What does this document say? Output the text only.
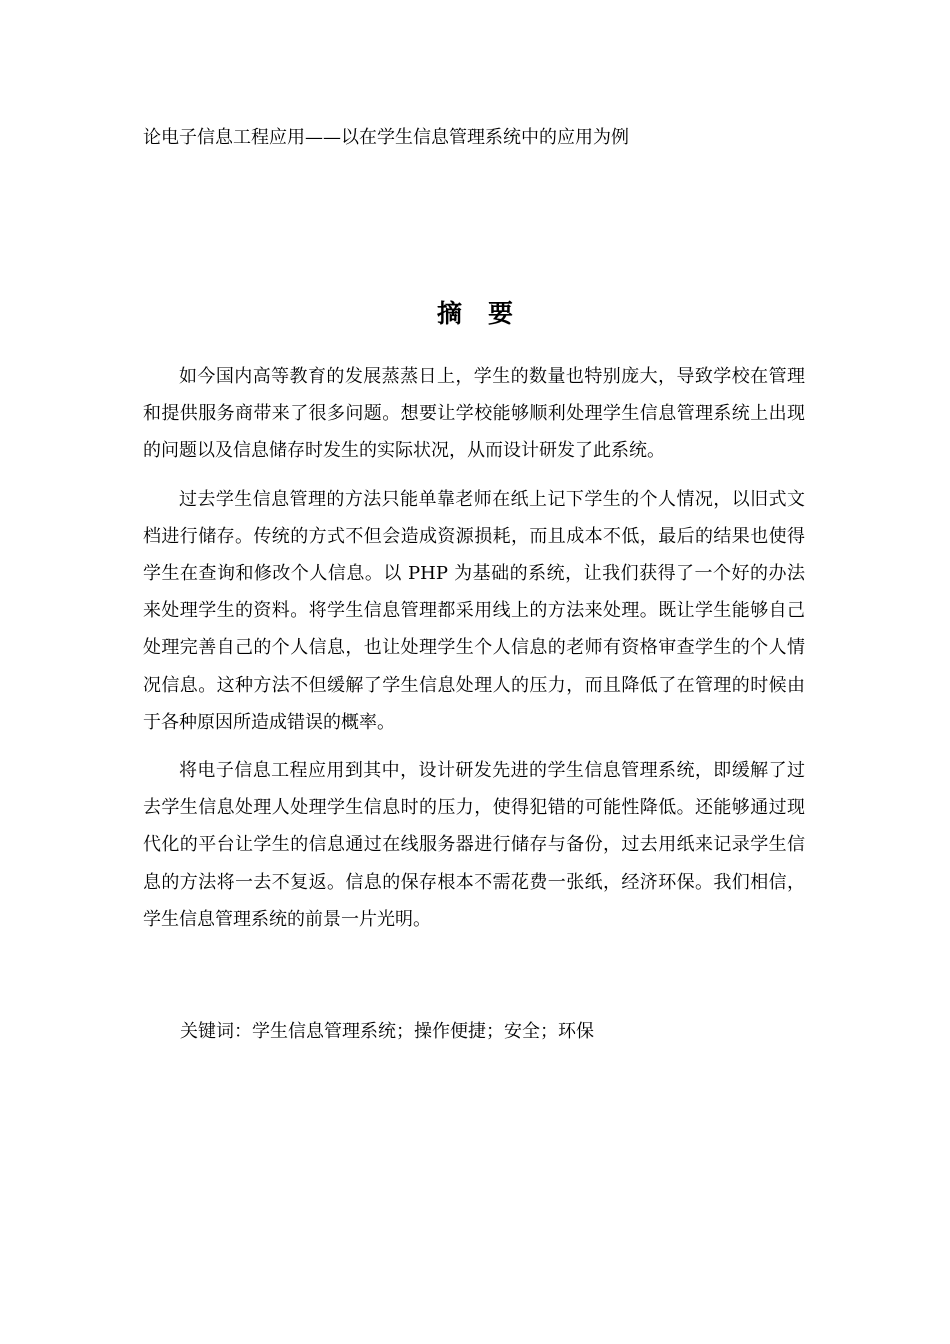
论电子信息工程应用——以在学生信息管理系统中的应用为例
摘要

如今国内高等教育的发展蒸蒸日上，学生的数量也特别庞大，导致学校在管理和提供服务商带来了很多问题。想要让学校能够顺利处理学生信息管理系统上出现的问题以及信息储存时发生的实际状况，从而设计研发了此系统。

过去学生信息管理的方法只能单靠老师在纸上记下学生的个人情况，以旧式文档进行储存。传统的方式不但会造成资源损耗，而且成本不低，最后的结果也使得学生在查询和修改个人信息。以 PHP 为基础的系统，让我们获得了一个好的办法来处理学生的资料。将学生信息管理都采用线上的方法来处理。既让学生能够自己处理完善自己的个人信息，也让处理学生个人信息的老师有资格审查学生的个人情况信息。这种方法不但缓解了学生信息处理人的压力，而且降低了在管理的时候由于各种原因所造成错误的概率。

将电子信息工程应用到其中，设计研发先进的学生信息管理系统，即缓解了过去学生信息处理人处理学生信息时的压力，使得犯错的可能性降低。还能够通过现代化的平台让学生的信息通过在线服务器进行储存与备份，过去用纸来记录学生信息的方法将一去不复返。信息的保存根本不需花费一张纸，经济环保。我们相信，学生信息管理系统的前景一片光明。

关键词：学生信息管理系统；操作便捷；安全；环保
